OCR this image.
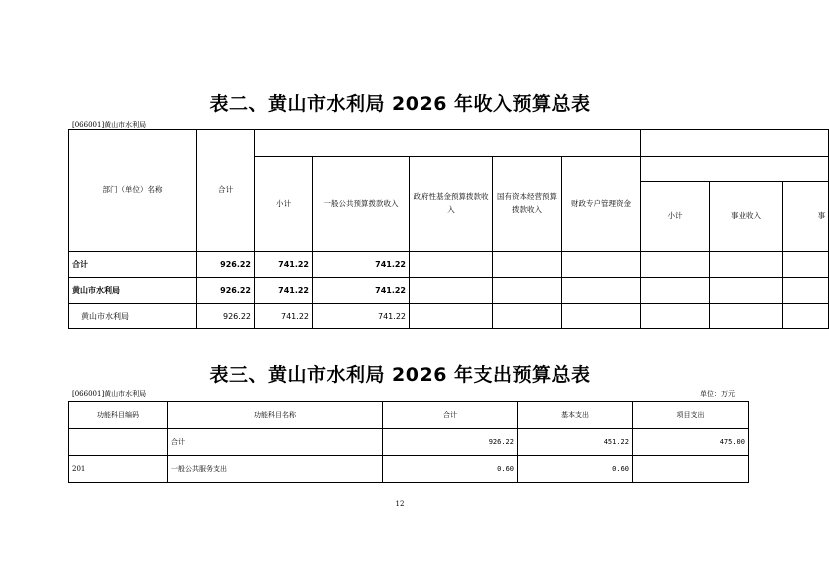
表二、黄山市水利局 2026 年收入预算总表
[066001]黄山市水利局
部门（单位）名称	合计								
		小计	一般公共预算拨款收入	政府性基金预算拨款收入	国有资本经营预算拨款收入	财政专户管理资金			
							小计	事业收入	事
合计	926.22	741.22	741.22						
黄山市水利局	926.22	741.22	741.22						
黄山市水利局	926.22	741.22	741.22						
表三、黄山市水利局 2026 年支出预算总表
[066001]黄山市水利局	单位：万元
功能科目编码	功能科目名称	合计	基本支出	项目支出
	合计	926.22	451.22	475.00
201	一般公共服务支出	0.60	0.60	
12
